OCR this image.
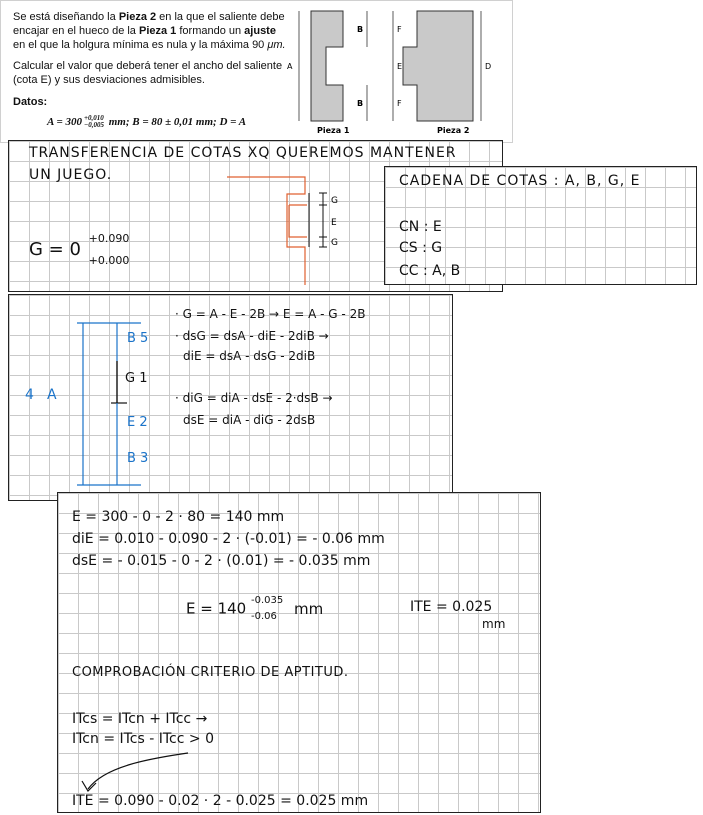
Se está diseñando la Pieza 2 en la que el saliente debe encajar en el hueco de la Pieza 1 formando un ajuste en el que la holgura mínima es nula y la máxima 90 μm.

Calcular el valor que deberá tener el ancho del saliente (cota E) y sus desviaciones admisibles.

Datos:

A = 300 +0,010
−0,005 mm; B = 80 ± 0,01 mm; D = A

A
B
B
Pieza 1
F
E
F
D
Pieza 2
TRANSFERENCIA DE COTAS XQ QUEREMOS MANTENER
UN JUEGO.
G = 0
+0.090
+0.000
G
E
G
CADENA DE COTAS : A, B, G, E
CN : E
CS : G
CC : A, B
4 A
B 5
G 1
E 2
B 3
· G = A - E - 2B → E = A - G - 2B
· dsG = dsA - diE - 2diB →
diE = dsA - dsG - 2diB
· diG = diA - dsE - 2·dsB →
dsE = diA - diG - 2dsB
E = 300 - 0 - 2 · 80 = 140 mm
diE = 0.010 - 0.090 - 2 · (-0.01) = - 0.06 mm
dsE = - 0.015 - 0 - 2 · (0.01) = - 0.035 mm
E = 140 -0.035
-0.06	mm	ITE = 0.025
mm
COMPROBACIÓN CRITERIO DE APTITUD.
ITcs = ITcn + ITcc →
ITcn = ITcs - ITcc > 0
ITE = 0.090 - 0.02 · 2 - 0.025 = 0.025 mm
